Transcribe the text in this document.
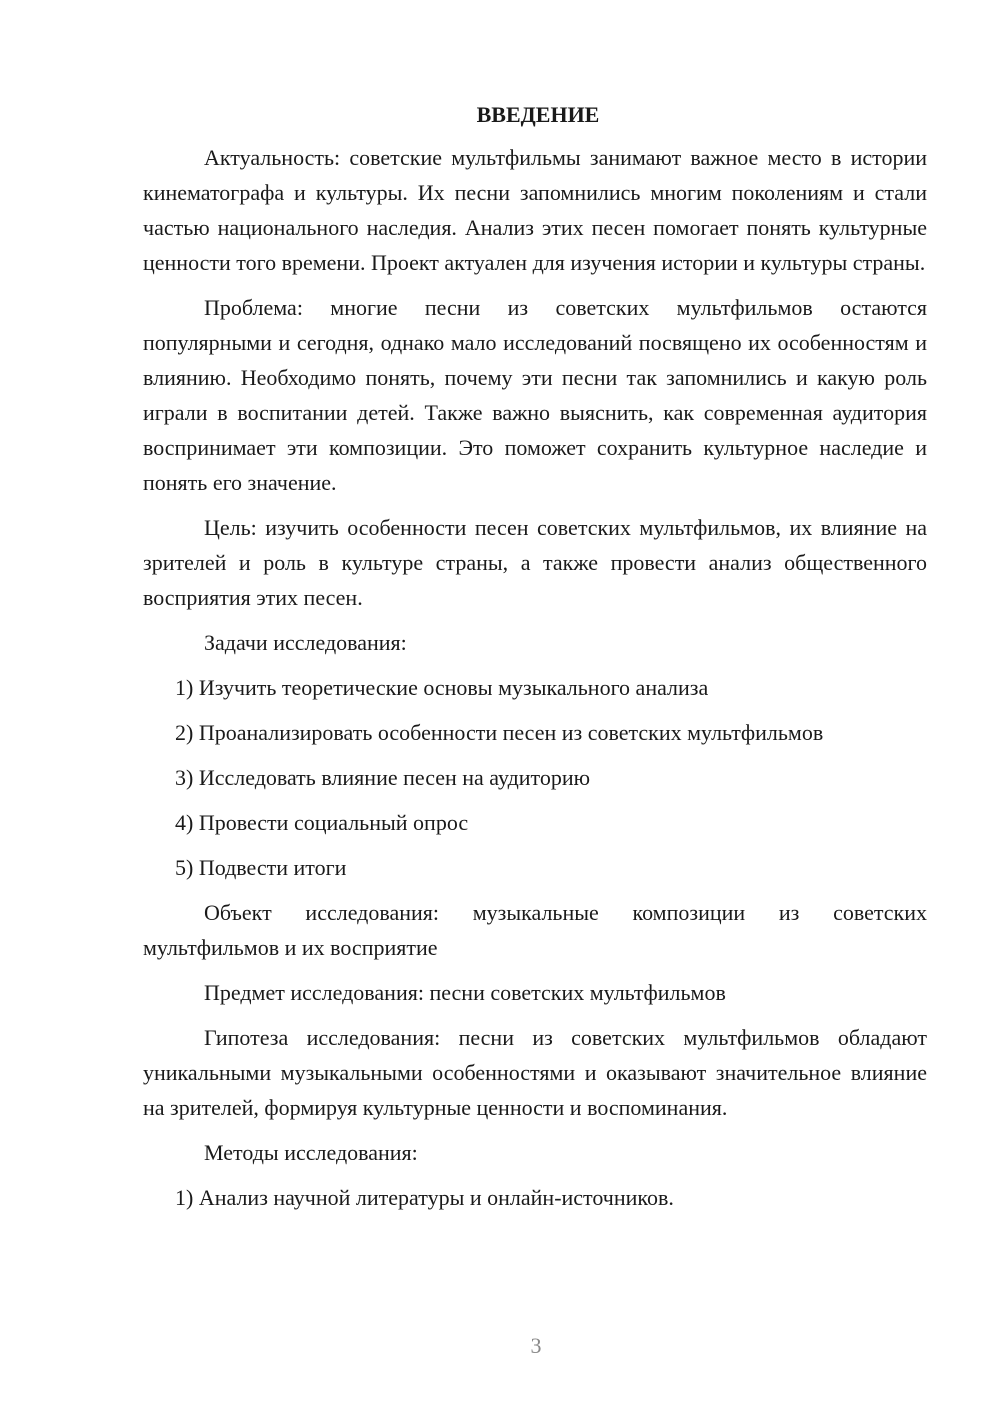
ВВЕДЕНИЕ

Актуальность: советские мультфильмы занимают важное место в истории кинематографа и культуры. Их песни запомнились многим поколениям и стали частью национального наследия. Анализ этих песен помогает понять культурные ценности того времени. Проект актуален для изучения истории и культуры страны.

Проблема: многие песни из советских мультфильмов остаются популярными и сегодня, однако мало исследований посвящено их особенностям и влиянию. Необходимо понять, почему эти песни так запомнились и какую роль играли в воспитании детей. Также важно выяснить, как современная аудитория воспринимает эти композиции. Это поможет сохранить культурное наследие и понять его значение.

Цель: изучить особенности песен советских мультфильмов, их влияние на зрителей и роль в культуре страны, а также провести анализ общественного восприятия этих песен.

Задачи исследования:

1) Изучить теоретические основы музыкального анализа
2) Проанализировать особенности песен из советских мультфильмов
3) Исследовать влияние песен на аудиторию
4) Провести социальный опрос
5) Подвести итоги

Объект исследования: музыкальные композиции из советских мультфильмов и их восприятие

Предмет исследования: песни советских мультфильмов

Гипотеза исследования: песни из советских мультфильмов обладают уникальными музыкальными особенностями и оказывают значительное влияние на зрителей, формируя культурные ценности и воспоминания.

Методы исследования:

1) Анализ научной литературы и онлайн-источников.
3
